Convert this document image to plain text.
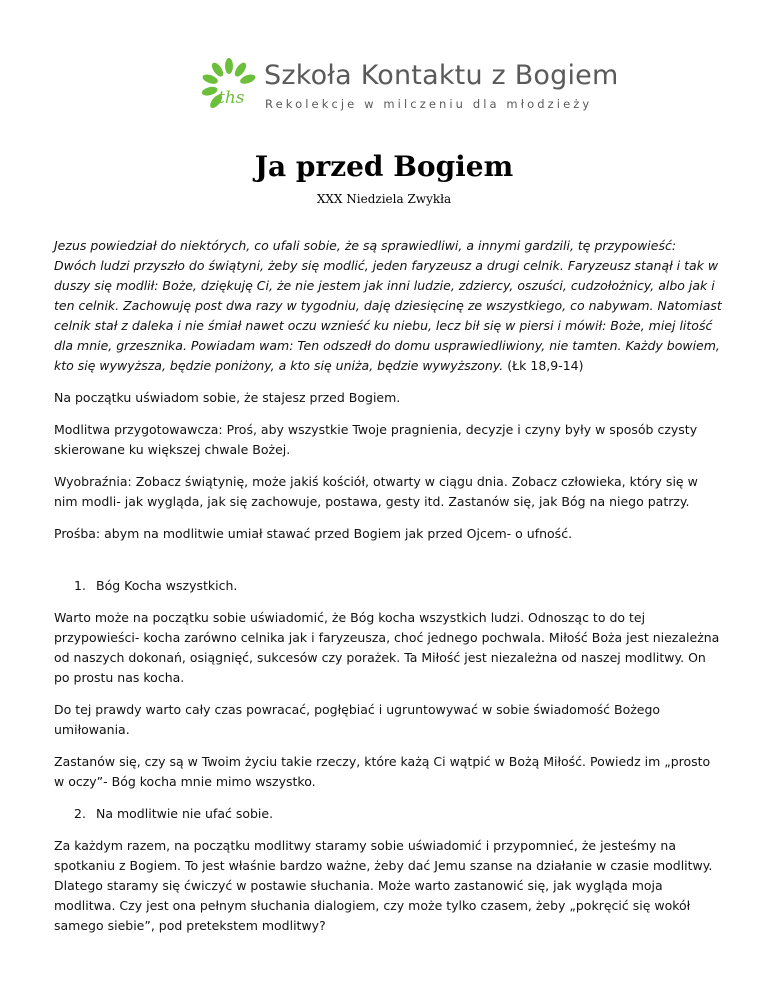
ths
Szkoła Kontaktu z Bogiem
Rekolekcje w milczeniu dla młodzieży
Ja przed Bogiem
XXX Niedziela Zwykła

Jezus powiedział do niektórych, co ufali sobie, że są sprawiedliwi, a innymi gardzili, tę przypowieść: Dwóch ludzi przyszło do świątyni, żeby się modlić, jeden faryzeusz a drugi celnik. Faryzeusz stanął i tak w duszy się modlił: Boże, dziękuję Ci, że nie jestem jak inni ludzie, zdziercy, oszuści, cudzołożnicy, albo jak i ten celnik. Zachowuję post dwa razy w tygodniu, daję dziesięcinę ze wszystkiego, co nabywam. Natomiast celnik stał z daleka i nie śmiał nawet oczu wznieść ku niebu, lecz bił się w piersi i mówił: Boże, miej litość dla mnie, grzesznika. Powiadam wam: Ten odszedł do domu usprawiedliwiony, nie tamten. Każdy bowiem, kto się wywyższa, będzie poniżony, a kto się uniża, będzie wywyższony. (Łk 18,9-14)

Na początku uświadom sobie, że stajesz przed Bogiem.

Modlitwa przygotowawcza: Proś, aby wszystkie Twoje pragnienia, decyzje i czyny były w sposób czysty skierowane ku większej chwale Bożej.

Wyobraźnia: Zobacz świątynię, może jakiś kościół, otwarty w ciągu dnia. Zobacz człowieka, który się w nim modli- jak wygląda, jak się zachowuje, postawa, gesty itd. Zastanów się, jak Bóg na niego patrzy.

Prośba: abym na modlitwie umiał stawać przed Bogiem jak przed Ojcem- o ufność.

1. Bóg Kocha wszystkich.

Warto może na początku sobie uświadomić, że Bóg kocha wszystkich ludzi. Odnosząc to do tej przypowieści- kocha zarówno celnika jak i faryzeusza, choć jednego pochwala. Miłość Boża jest niezależna od naszych dokonań, osiągnięć, sukcesów czy porażek. Ta Miłość jest niezależna od naszej modlitwy. On po prostu nas kocha.

Do tej prawdy warto cały czas powracać, pogłębiać i ugruntowywać w sobie świadomość Bożego umiłowania.

Zastanów się, czy są w Twoim życiu takie rzeczy, które każą Ci wątpić w Bożą Miłość. Powiedz im „prosto w oczy”- Bóg kocha mnie mimo wszystko.

2. Na modlitwie nie ufać sobie.

Za każdym razem, na początku modlitwy staramy sobie uświadomić i przypomnieć, że jesteśmy na spotkaniu z Bogiem. To jest właśnie bardzo ważne, żeby dać Jemu szanse na działanie w czasie modlitwy. Dlatego staramy się ćwiczyć w postawie słuchania. Może warto zastanowić się, jak wygląda moja modlitwa. Czy jest ona pełnym słuchania dialogiem, czy może tylko czasem, żeby „pokręcić się wokół samego siebie”, pod pretekstem modlitwy?
